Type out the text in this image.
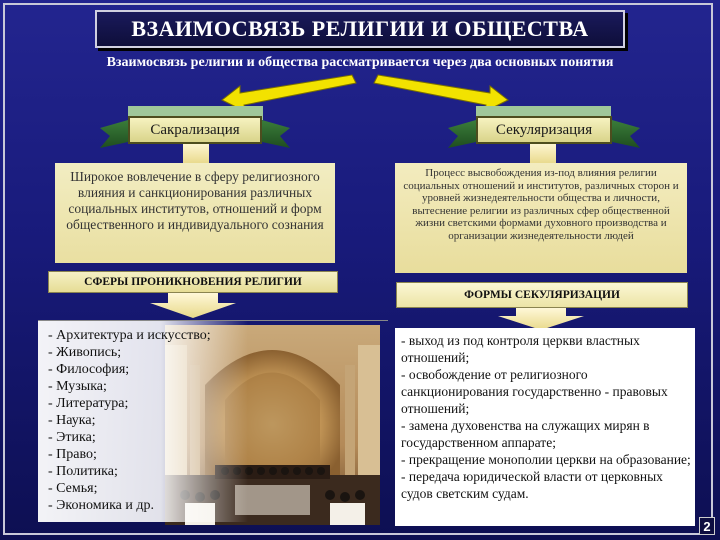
ВЗАИМОСВЯЗЬ РЕЛИГИИ И ОБЩЕСТВА
Взаимосвязь религии и общества рассматривается через два основных понятия
Сакрализация	Секуляризация
Широкое вовлечение в сферу религиозного влияния и санкционирования различных социальных институтов, отношений и форм общественного и индивидуального сознания
Процесс высвобождения из-под влияния религии социальных отношений и институтов, различных сторон и уровней жизнедеятельности общества и личности, вытеснение религии из различных сфер общественной жизни светскими формами духовного производства и организации жизнедеятельности людей
СФЕРЫ ПРОНИКНОВЕНИЯ РЕЛИГИИ
ФОРМЫ СЕКУЛЯРИЗАЦИИ
- Архитектура и искусство;
- Живопись;
- Философия;
- Музыка;
- Литература;
- Наука;
- Этика;
- Право;
- Политика;
- Семья;
- Экономика и др.
- выход из под контроля церкви властных отношений;
- освобождение от религиозного санкционирования государственно - правовых отношений;
- замена духовенства на служащих мирян в государственном аппарате;
- прекращение монополии церкви на образование;
- передача юридической власти от церковных судов светским судам.
2
